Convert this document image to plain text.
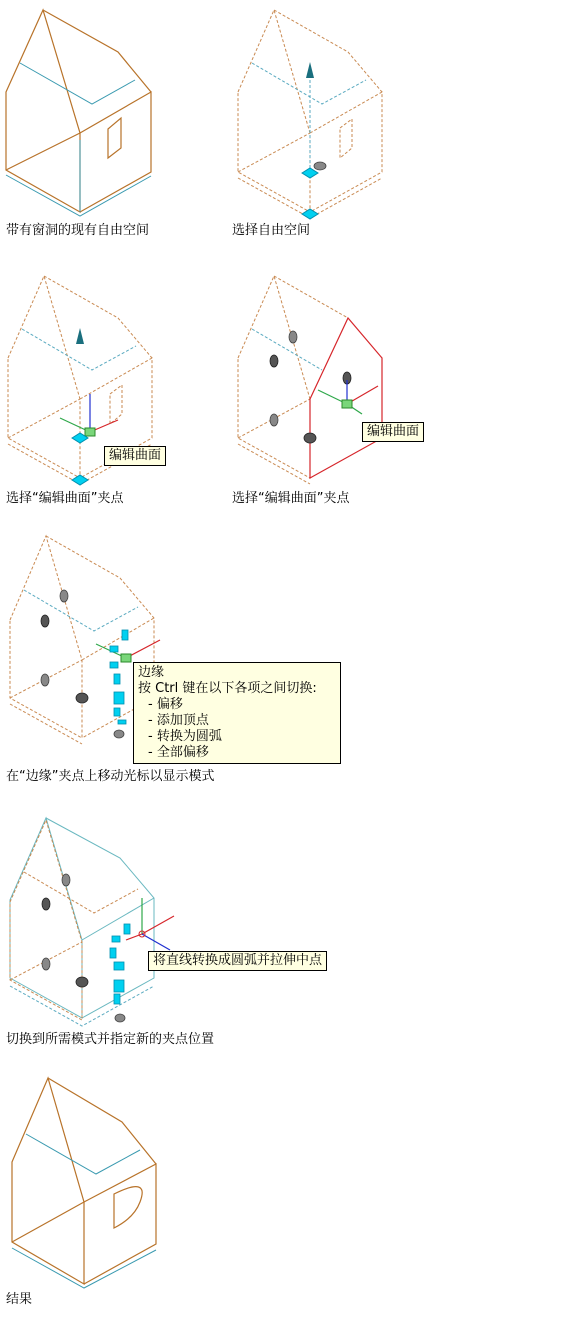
带有窗洞的现有自由空间	选择自由空间
编辑曲面
选择“编辑曲面”夹点
编辑曲面
选择“编辑曲面”夹点
边缘
按 Ctrl 键在以下各项之间切换:
- 偏移
- 添加顶点
- 转换为圆弧
- 全部偏移
在“边缘”夹点上移动光标以显示模式
将直线转换成圆弧并拉伸中点
切换到所需模式并指定新的夹点位置
结果
